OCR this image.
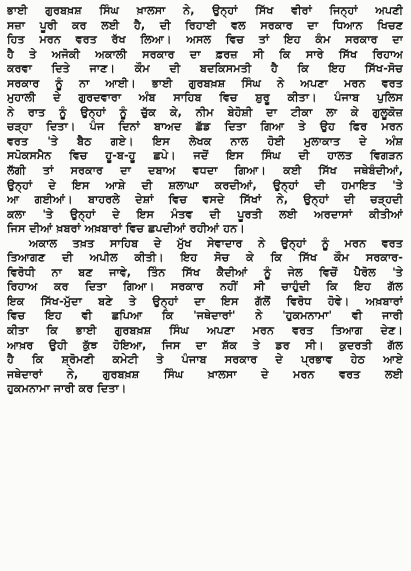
ਭਾਈ ਗੁਰਬਖ਼ਸ਼ ਸਿੰਘ ਖ਼ਾਲਸਾ ਨੇ, ਉਨ੍ਹਾਂ ਸਿੱਖ ਵੀਰਾਂ ਜਿਨ੍ਹਾਂ ਅਪਣੀ
ਸਜ਼ਾ ਪੂਰੀ ਕਰ ਲਈ ਹੈ, ਦੀ ਰਿਹਾਈ ਵਲ ਸਰਕਾਰ ਦਾ ਧਿਆਨ ਖਿਚਣ
ਹਿਤ ਮਰਨ ਵਰਤ ਰੱਖ ਲਿਆ। ਅਸਲ ਵਿਚ ਤਾਂ ਇਹ ਕੰਮ ਸਰਕਾਰ ਦਾ
ਹੈ ਤੇ ਅਜੋਕੀ ਅਕਾਲੀ ਸਰਕਾਰ ਦਾ ਫ਼ਰਜ਼ ਸੀ ਕਿ ਸਾਰੇ ਸਿੱਖ ਰਿਹਾਅ
ਕਰਵਾ ਦਿਤੇ ਜਾਣ। ਕੌਮ ਦੀ ਬਦਕਿਸਮਤੀ ਹੈ ਕਿ ਇਹ ਸਿੱਖ-ਸੋਚ
ਸਰਕਾਰ ਨੂੰ ਨਾ ਆਈ। ਭਾਈ ਗੁਰਬਖ਼ਸ਼ ਸਿੰਘ ਨੇ ਅਪਣਾ ਮਰਨ ਵਰਤ
ਮੁਹਾਲੀ ਦੇ ਗੁਰਦਵਾਰਾ ਅੰਬ ਸਾਹਿਬ ਵਿਚ ਸ਼ੁਰੂ ਕੀਤਾ। ਪੰਜਾਬ ਪੁਲਿਸ
ਨੇ ਰਾਤ ਨੂੰ ਉਨ੍ਹਾਂ ਨੂੰ ਚੁੱਕ ਕੇ, ਨੀਮ ਬੇਹੋਸ਼ੀ ਦਾ ਟੀਕਾ ਲਾ ਕੇ ਗੁਲੂਕੋਜ਼
ਚੜ੍ਹਾ ਦਿਤਾ। ਪੰਜ ਦਿਨਾਂ ਬਾਅਦ ਛੱਡ ਦਿਤਾ ਗਿਆ ਤੇ ਉਹ ਫਿਰ ਮਰਨ
ਵਰਤ 'ਤੇ ਬੈਠ ਗਏ। ਇਸ ਲੇਖਕ ਨਾਲ ਹੋਈ ਮੁਲਾਕਾਤ ਦੇ ਅੰਸ਼
ਸਪੋਕਸਮੈਨ ਵਿਚ ਹੂ-ਬ-ਹੂ ਛਪੇ। ਜਦੋਂ ਇਸ ਸਿੰਘ ਦੀ ਹਾਲਤ ਵਿਗੜਨ
ਲੱਗੀ ਤਾਂ ਸਰਕਾਰ ਦਾ ਦਬਾਅ ਵਧਦਾ ਗਿਆ। ਕਈ ਸਿੱਖ ਜਥੇਬੰਦੀਆਂ,
ਉਨ੍ਹਾਂ ਦੇ ਇਸ ਆਸ਼ੇ ਦੀ ਸ਼ਲਾਘਾ ਕਰਦੀਆਂ, ਉਨ੍ਹਾਂ ਦੀ ਹਮਾਇਤ 'ਤੇ
ਆ ਗਈਆਂ। ਬਾਹਰਲੇ ਦੇਸ਼ਾਂ ਵਿਚ ਵਸਦੇ ਸਿੱਖਾਂ ਨੇ, ਉਨ੍ਹਾਂ ਦੀ ਚੜ੍ਹਦੀ
ਕਲਾ 'ਤੇ ਉਨ੍ਹਾਂ ਦੇ ਇਸ ਮੰਤਵ ਦੀ ਪੂਰਤੀ ਲਈ ਅਰਦਾਸਾਂ ਕੀਤੀਆਂ
ਜਿਸ ਦੀਆਂ ਖ਼ਬਰਾਂ ਅਖ਼ਬਾਰਾਂ ਵਿਚ ਛਪਦੀਆਂ ਰਹੀਆਂ ਹਨ।
ਅਕਾਲ ਤਖ਼ਤ ਸਾਹਿਬ ਦੇ ਮੁੱਖ ਸੇਵਾਦਾਰ ਨੇ ਉਨ੍ਹਾਂ ਨੂੰ ਮਰਨ ਵਰਤ
ਤਿਆਗਣ ਦੀ ਅਪੀਲ ਕੀਤੀ। ਇਹ ਸੋਚ ਕੇ ਕਿ ਸਿੱਖ ਕੌਮ ਸਰਕਾਰ-
ਵਿਰੋਧੀ ਨਾ ਬਣ ਜਾਵੇ, ਤਿੰਨ ਸਿੱਖ ਕੈਦੀਆਂ ਨੂੰ ਜੇਲ ਵਿਚੋਂ ਪੈਰੋਲ 'ਤੇ
ਰਿਹਾਅ ਕਰ ਦਿਤਾ ਗਿਆ। ਸਰਕਾਰ ਨਹੀਂ ਸੀ ਚਾਹੁੰਦੀ ਕਿ ਇਹ ਗੱਲ
ਇਕ ਸਿੱਖ-ਮੁੱਦਾ ਬਣੇ ਤੇ ਉਨ੍ਹਾਂ ਦਾ ਇਸ ਗੱਲੋਂ ਵਿਰੋਧ ਹੋਵੇ। ਅਖ਼ਬਾਰਾਂ
ਵਿਚ ਇਹ ਵੀ ਛਪਿਆ ਕਿ 'ਜਥੇਦਾਰਾਂ' ਨੇ 'ਹੁਕਮਨਾਮਾ' ਵੀ ਜਾਰੀ
ਕੀਤਾ ਕਿ ਭਾਈ ਗੁਰਬਖ਼ਸ਼ ਸਿੰਘ ਅਪਣਾ ਮਰਨ ਵਰਤ ਤਿਆਗ ਦੇਣ।
ਆਖ਼ਰ ਉਹੀ ਕੁੱਝ ਹੋਇਆ, ਜਿਸ ਦਾ ਸ਼ੱਕ ਤੇ ਡਰ ਸੀ। ਕੁਦਰਤੀ ਗੱਲ
ਹੈ ਕਿ ਸ਼੍ਰੋਮਣੀ ਕਮੇਟੀ ਤੇ ਪੰਜਾਬ ਸਰਕਾਰ ਦੇ ਪ੍ਰਭਾਵ ਹੇਠ ਆਏ
ਜਥੇਦਾਰਾਂ ਨੇ, ਗੁਰਬਖ਼ਸ਼ ਸਿੰਘ ਖ਼ਾਲਸਾ ਦੇ ਮਰਨ ਵਰਤ ਲਈ
ਹੁਕਮਨਾਮਾ ਜਾਰੀ ਕਰ ਦਿਤਾ।
